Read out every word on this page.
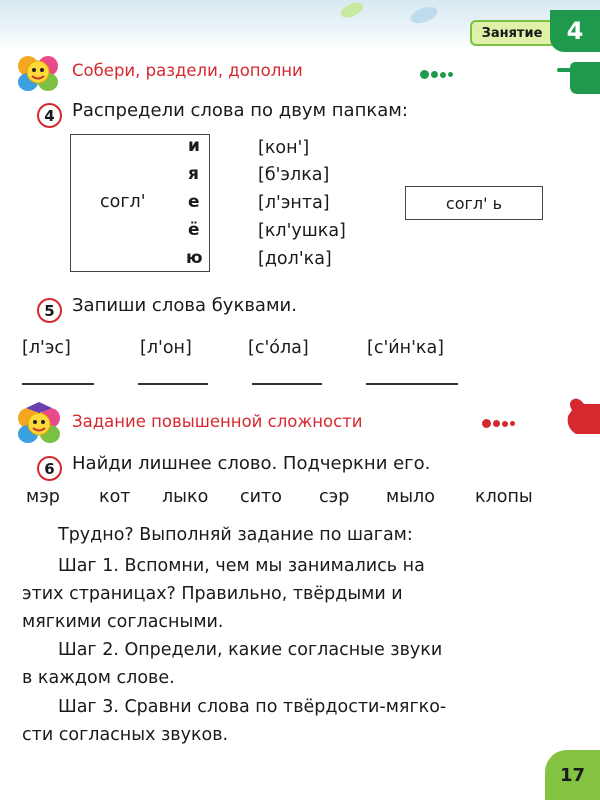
Занятие	4
Собери, раздели, дополни
4 Распредели слова по двум папкам:
согл'
и
я
е
ё
ю
[кон']
[б'элка]
[л'энта]
[кл'ушка]
[дол'ка]
согл' ь
5 Запиши слова буквами.
[л'эс]	[л'он]	[с'о́ла]	[с'и́н'ка]
Задание повышенной сложности
6 Найди лишнее слово. Подчеркни его.
мэр кот лыко сито сэр мыло клопы
Трудно? Выполняй задание по шагам:
Шаг 1. Вспомни, чем мы занимались на
этих страницах? Правильно, твёрдыми и
мягкими согласными.
Шаг 2. Определи, какие согласные звуки
в каждом слове.
Шаг 3. Сравни слова по твёрдости-мягко-
сти согласных звуков.
17
